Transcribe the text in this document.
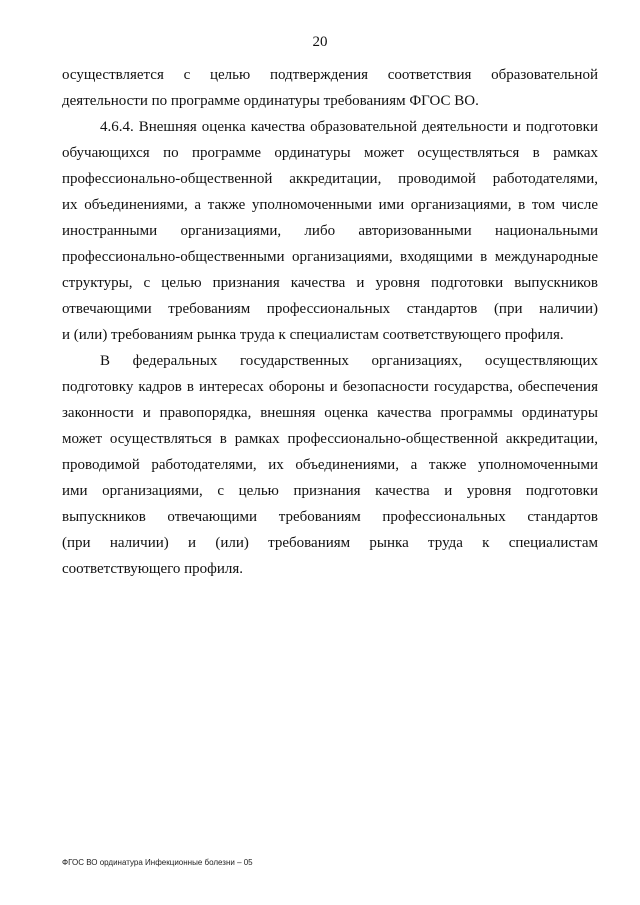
20
осуществляется с целью подтверждения соответствия образовательной
деятельности по программе ординатуры требованиям ФГОС ВО.
4.6.4. Внешняя оценка качества образовательной деятельности и подготовки
обучающихся по программе ординатуры может осуществляться в рамках
профессионально-общественной аккредитации, проводимой работодателями,
их объединениями, а также уполномоченными ими организациями, в том числе
иностранными организациями, либо авторизованными национальными
профессионально-общественными организациями, входящими в международные
структуры, с целью признания качества и уровня подготовки выпускников
отвечающими требованиям профессиональных стандартов (при наличии)
и (или) требованиям рынка труда к специалистам соответствующего профиля.
В федеральных государственных организациях, осуществляющих
подготовку кадров в интересах обороны и безопасности государства, обеспечения
законности и правопорядка, внешняя оценка качества программы ординатуры
может осуществляться в рамках профессионально-общественной аккредитации,
проводимой работодателями, их объединениями, а также уполномоченными
ими организациями, с целью признания качества и уровня подготовки
выпускников отвечающими требованиям профессиональных стандартов
(при наличии) и (или) требованиям рынка труда к специалистам
соответствующего профиля.
ФГОС ВО ординатура Инфекционные болезни – 05
